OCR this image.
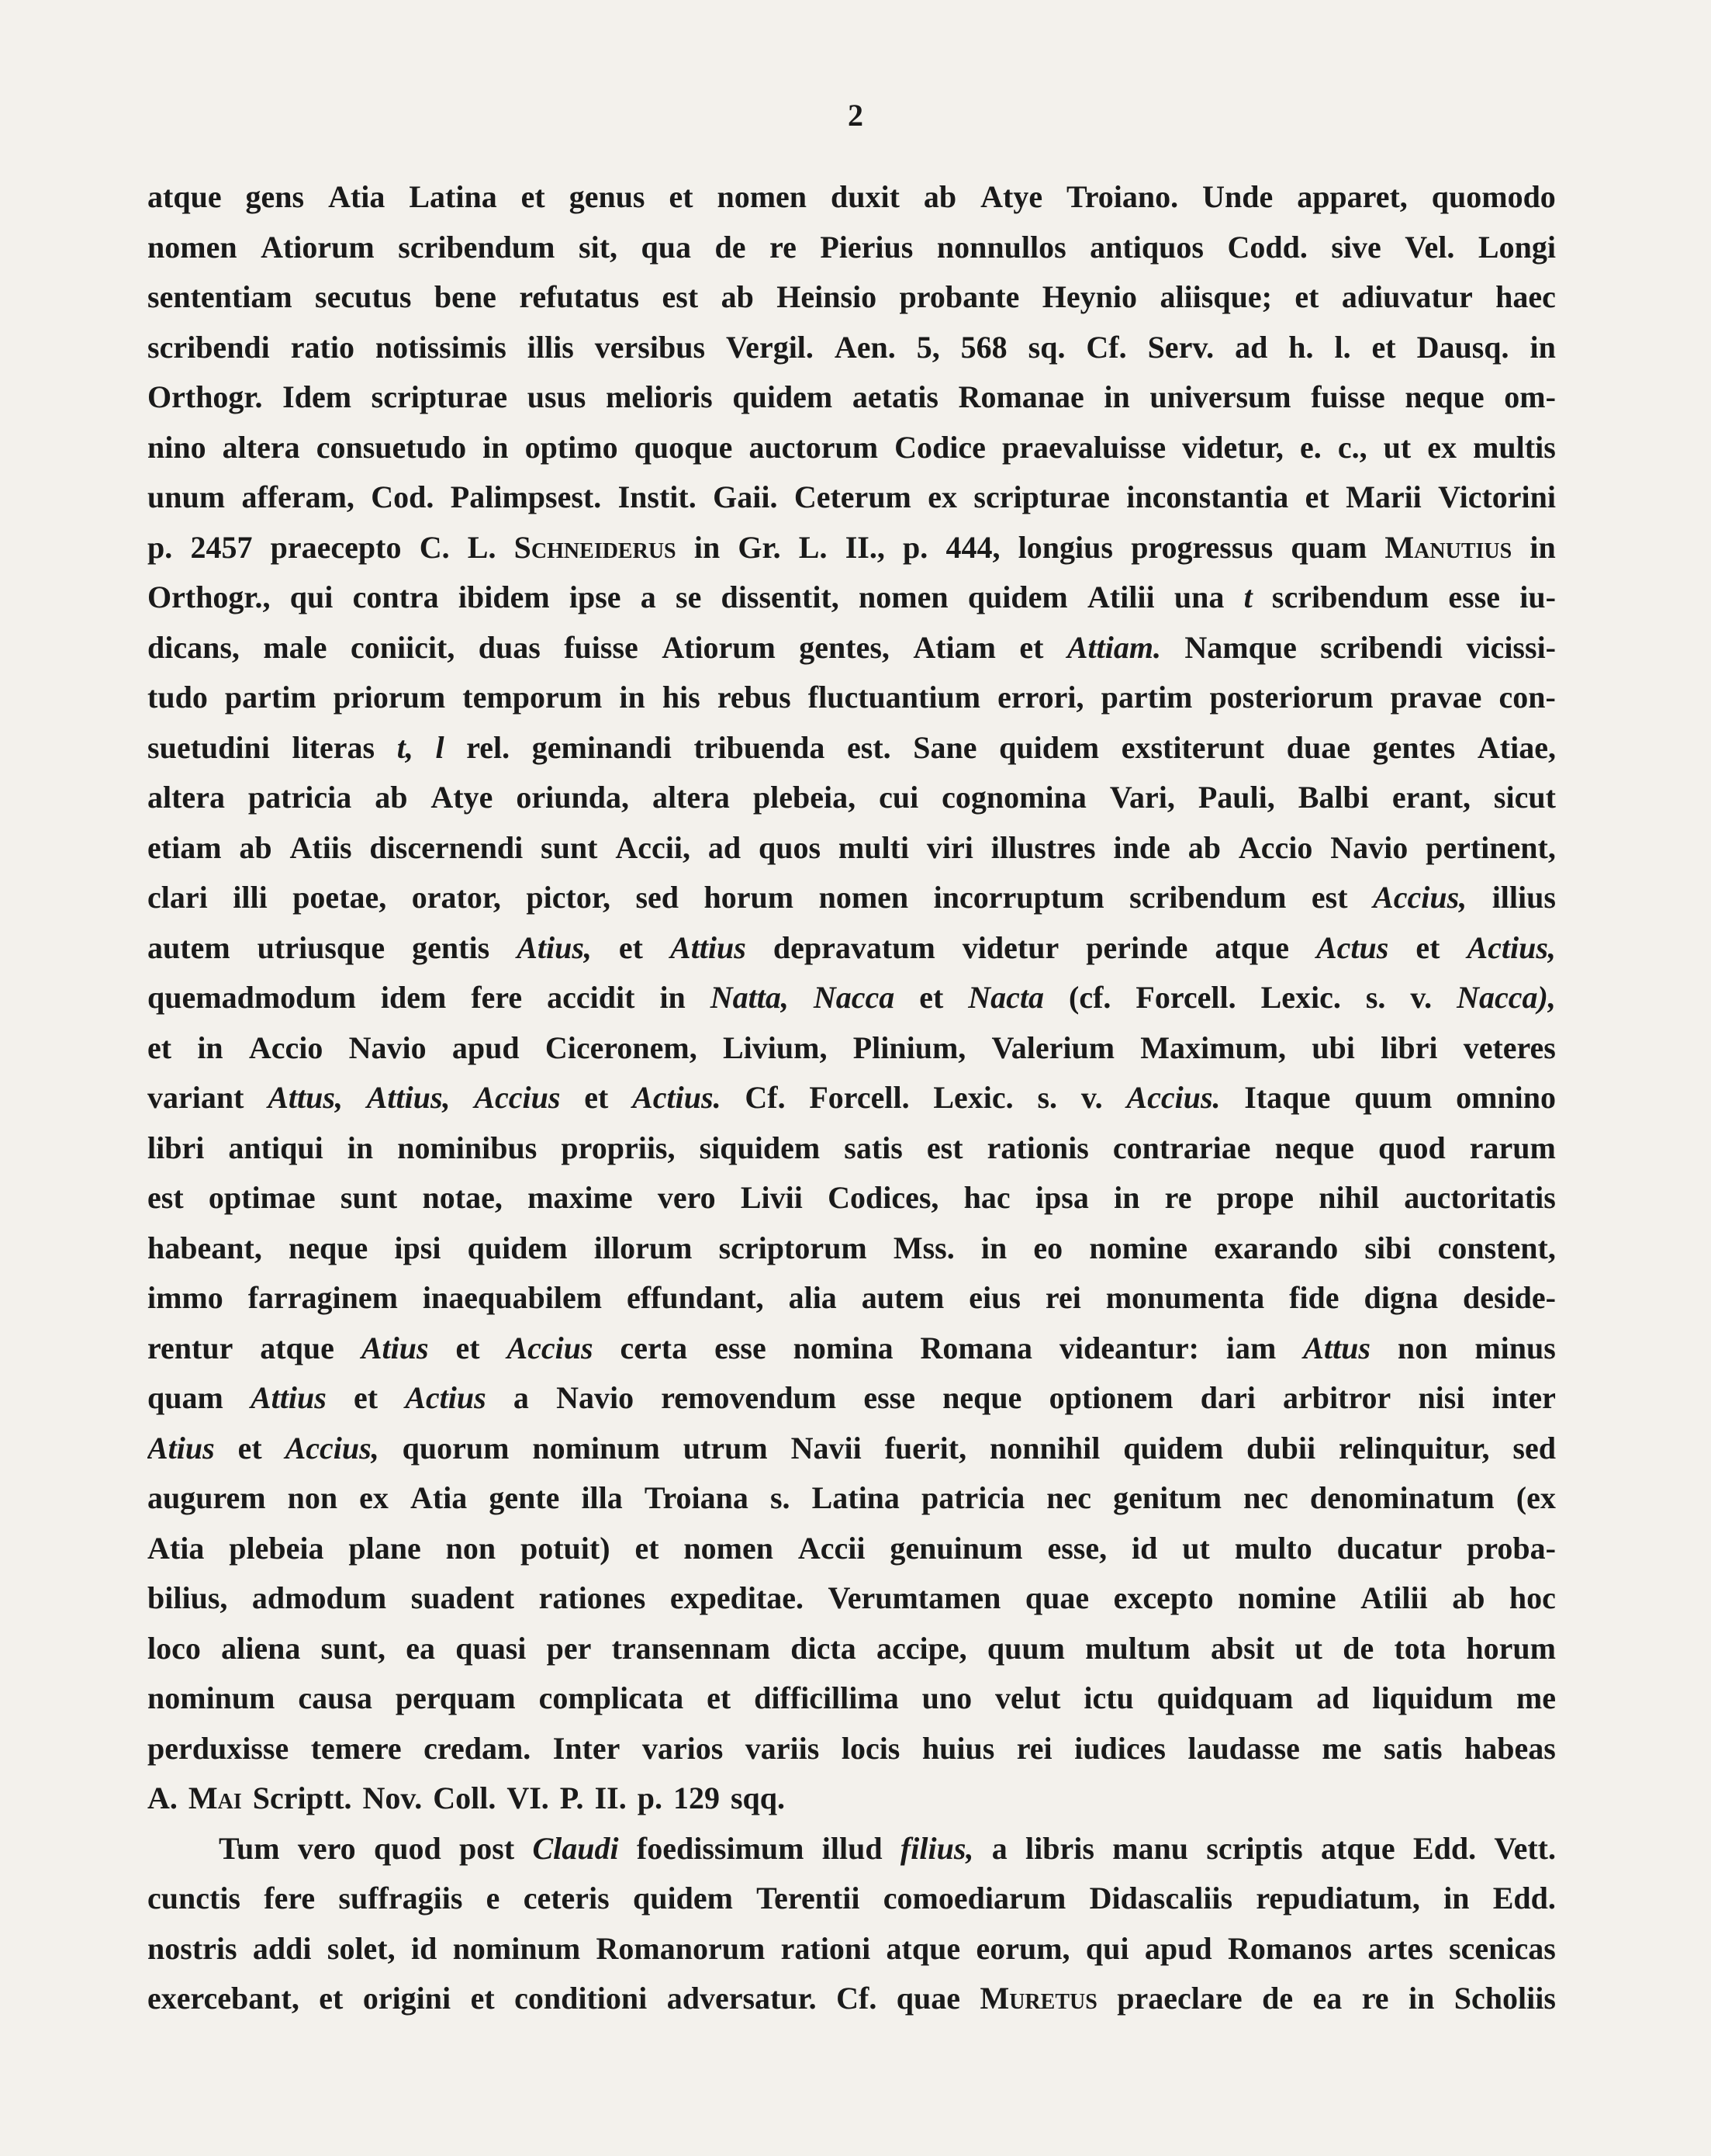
2
atque gens Atia Latina et genus et nomen duxit ab Atye Troiano. Unde apparet, quomodo
nomen Atiorum scribendum sit, qua de re Pierius nonnullos antiquos Codd. sive Vel. Longi
sententiam secutus bene refutatus est ab Heinsio probante Heynio aliisque; et adiuvatur haec
scribendi ratio notissimis illis versibus Vergil. Aen. 5, 568 sq. Cf. Serv. ad h. l. et Dausq. in
Orthogr. Idem scripturae usus melioris quidem aetatis Romanae in universum fuisse neque om-
nino altera consuetudo in optimo quoque auctorum Codice praevaluisse videtur, e. c., ut ex multis
unum afferam, Cod. Palimpsest. Instit. Gaii. Ceterum ex scripturae inconstantia et Marii Victorini
p. 2457 praecepto C. L. Schneiderus in Gr. L. II., p. 444, longius progressus quam Manutius in
Orthogr., qui contra ibidem ipse a se dissentit, nomen quidem Atilii una t scribendum esse iu-
dicans, male coniicit, duas fuisse Atiorum gentes, Atiam et Attiam. Namque scribendi vicissi-
tudo partim priorum temporum in his rebus fluctuantium errori, partim posteriorum pravae con-
suetudini literas t, l rel. geminandi tribuenda est. Sane quidem exstiterunt duae gentes Atiae,
altera patricia ab Atye oriunda, altera plebeia, cui cognomina Vari, Pauli, Balbi erant, sicut
etiam ab Atiis discernendi sunt Accii, ad quos multi viri illustres inde ab Accio Navio pertinent,
clari illi poetae, orator, pictor, sed horum nomen incorruptum scribendum est Accius, illius
autem utriusque gentis Atius, et Attius depravatum videtur perinde atque Actus et Actius,
quemadmodum idem fere accidit in Natta, Nacca et Nacta (cf. Forcell. Lexic. s. v. Nacca),
et in Accio Navio apud Ciceronem, Livium, Plinium, Valerium Maximum, ubi libri veteres
variant Attus, Attius, Accius et Actius. Cf. Forcell. Lexic. s. v. Accius. Itaque quum omnino
libri antiqui in nominibus propriis, siquidem satis est rationis contrariae neque quod rarum
est optimae sunt notae, maxime vero Livii Codices, hac ipsa in re prope nihil auctoritatis
habeant, neque ipsi quidem illorum scriptorum Mss. in eo nomine exarando sibi constent,
immo farraginem inaequabilem effundant, alia autem eius rei monumenta fide digna deside-
rentur atque Atius et Accius certa esse nomina Romana videantur: iam Attus non minus
quam Attius et Actius a Navio removendum esse neque optionem dari arbitror nisi inter
Atius et Accius, quorum nominum utrum Navii fuerit, nonnihil quidem dubii relinquitur, sed
augurem non ex Atia gente illa Troiana s. Latina patricia nec genitum nec denominatum (ex
Atia plebeia plane non potuit) et nomen Accii genuinum esse, id ut multo ducatur proba-
bilius, admodum suadent rationes expeditae. Verumtamen quae excepto nomine Atilii ab hoc
loco aliena sunt, ea quasi per transennam dicta accipe, quum multum absit ut de tota horum
nominum causa perquam complicata et difficillima uno velut ictu quidquam ad liquidum me
perduxisse temere credam. Inter varios variis locis huius rei iudices laudasse me satis habeas
A. Mai Scriptt. Nov. Coll. VI. P. II. p. 129 sqq.
Tum vero quod post Claudi foedissimum illud filius, a libris manu scriptis atque Edd. Vett.
cunctis fere suffragiis e ceteris quidem Terentii comoediarum Didascaliis repudiatum, in Edd.
nostris addi solet, id nominum Romanorum rationi atque eorum, qui apud Romanos artes scenicas
exercebant, et origini et conditioni adversatur. Cf. quae Muretus praeclare de ea re in Scholiis
